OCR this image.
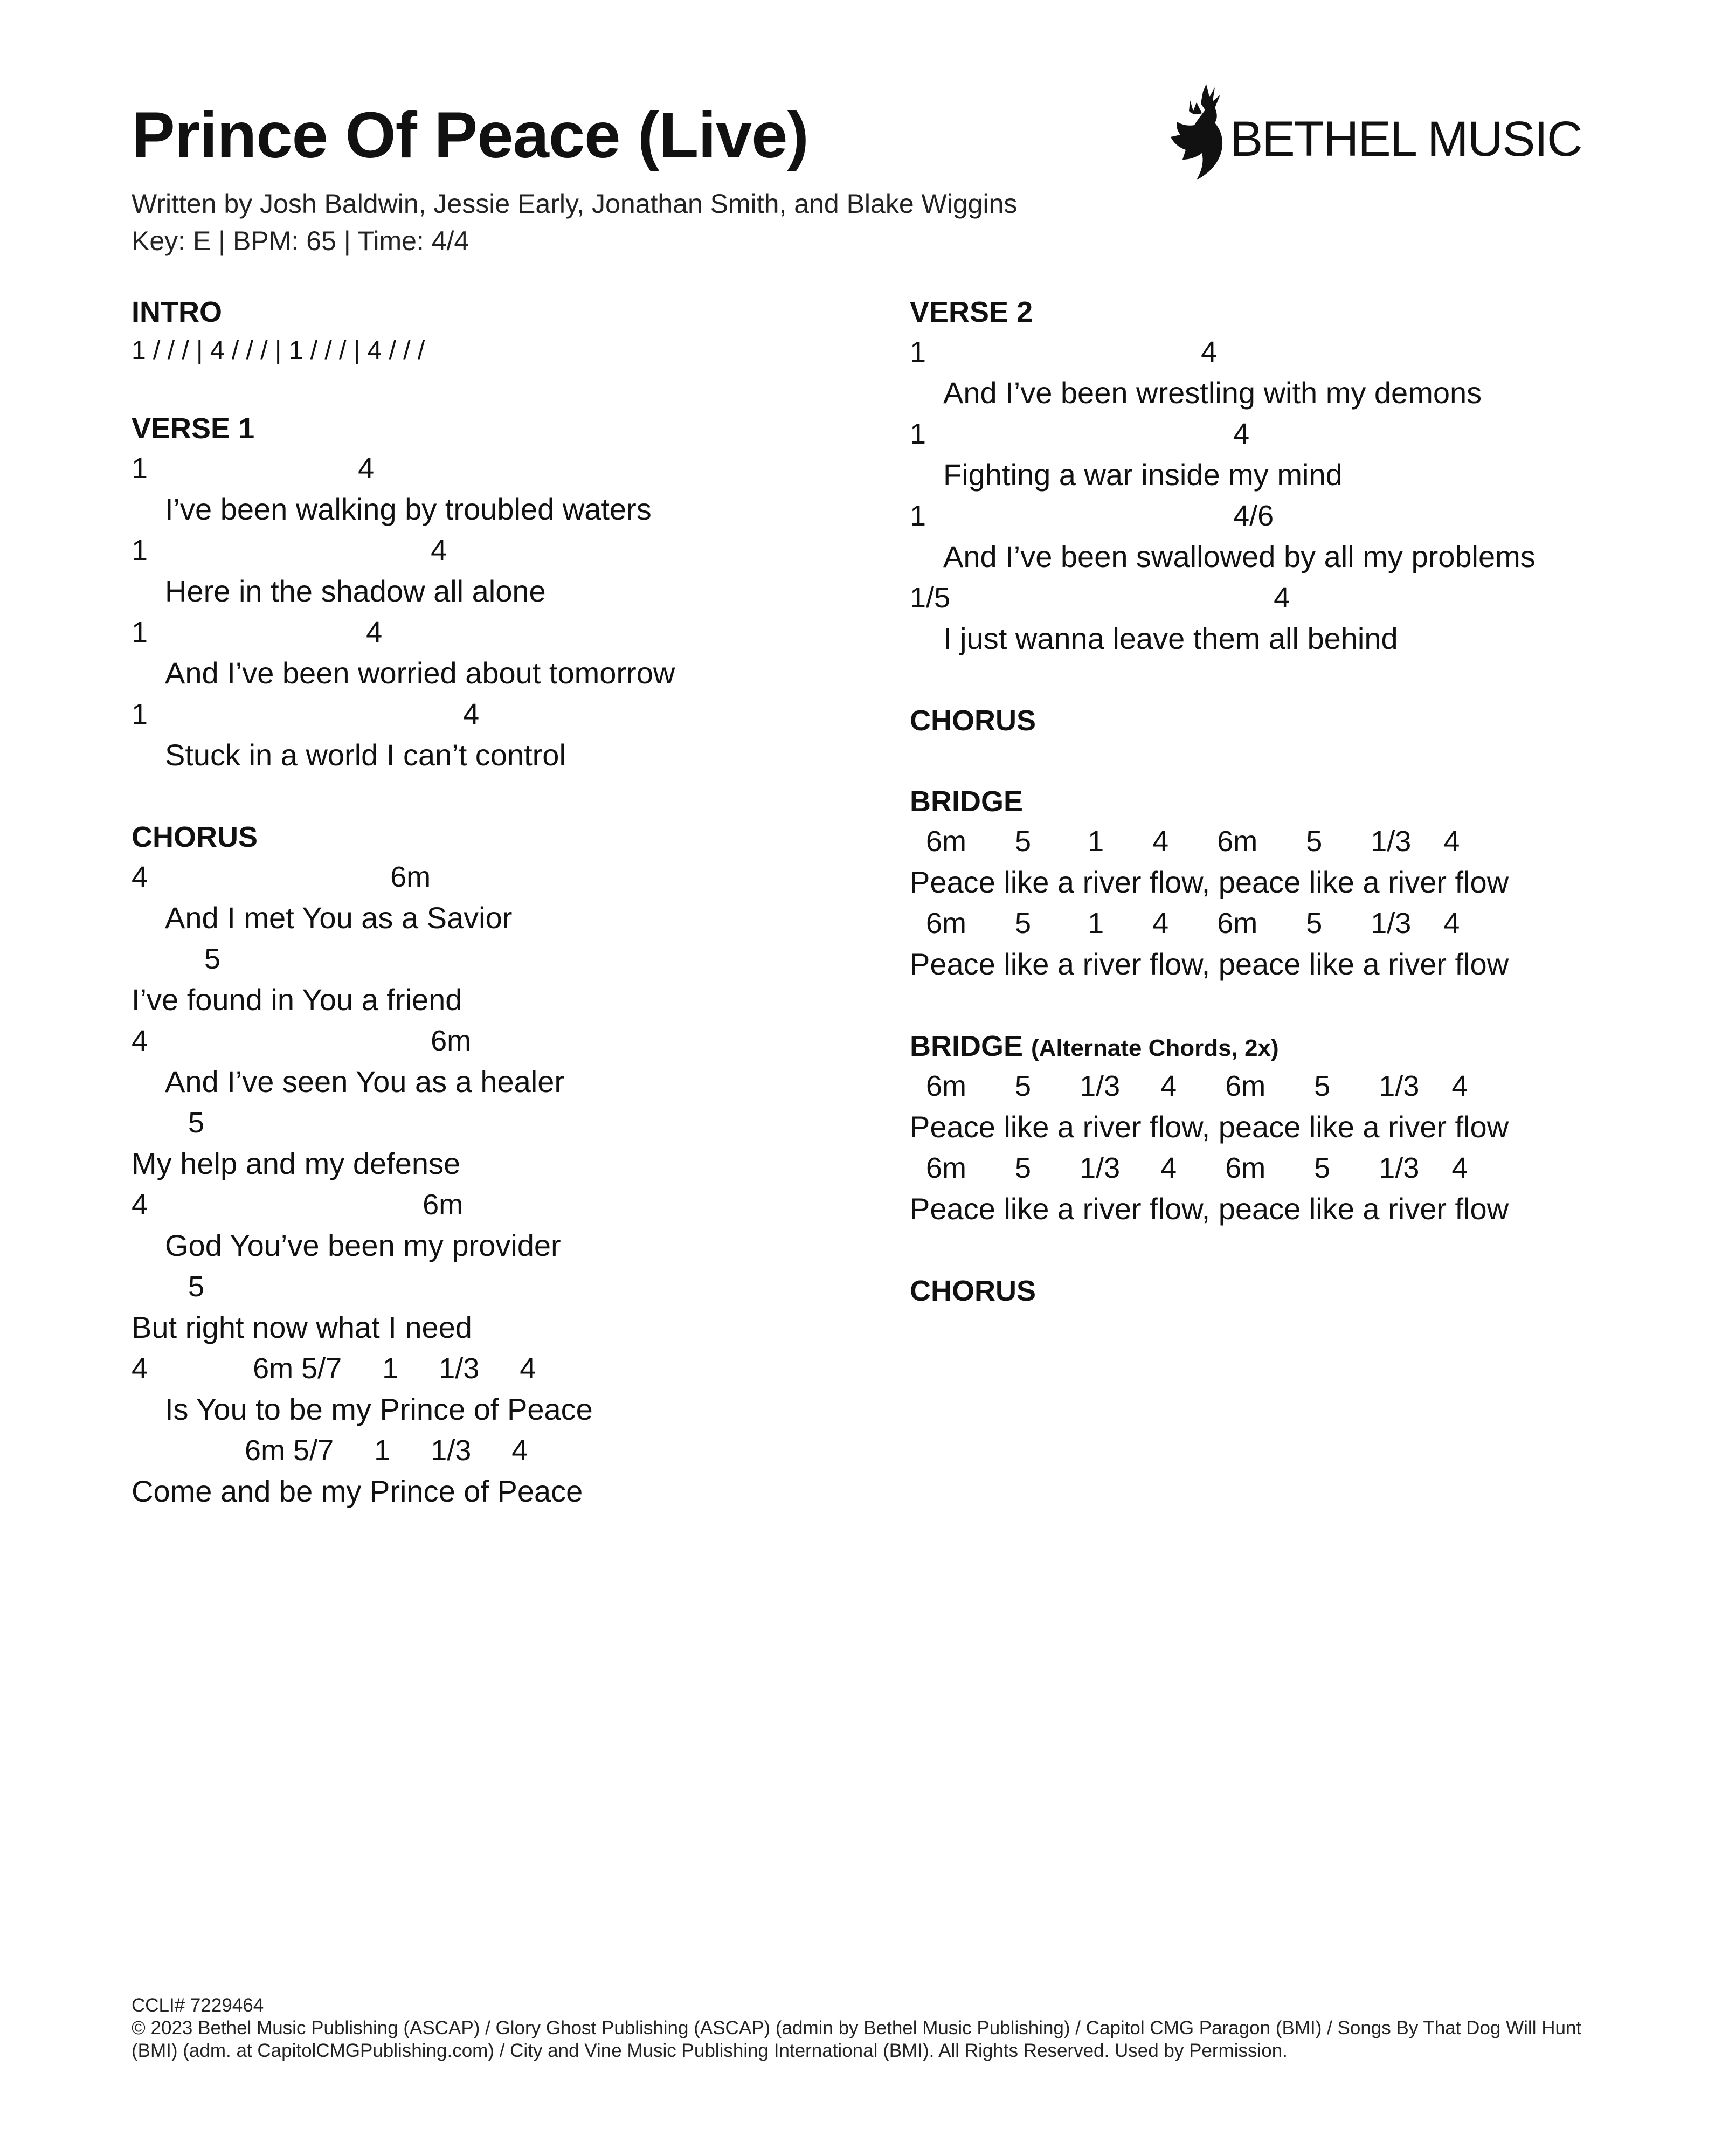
Prince Of Peace (Live)
Written by Josh Baldwin, Jessie Early, Jonathan Smith, and Blake Wiggins
Key: E | BPM: 65 | Time: 4/4
BETHEL MUSIC
INTRO
1 / / / | 4 / / / | 1 / / / | 4 / / /
VERSE 1
1                          4
I’ve been walking by troubled waters
1                                   4
Here in the shadow all alone
1                           4
And I’ve been worried about tomorrow
1                                       4
Stuck in a world I can’t control
CHORUS
4                              6m
And I met You as a Savior
5
I’ve found in You a friend
4                                   6m
And I’ve seen You as a healer
5
My help and my defense
4                                  6m
God You’ve been my provider
5
But right now what I need
4             6m 5/7     1     1/3     4
Is You to be my Prince of Peace
6m 5/7     1     1/3     4
Come and be my Prince of Peace
VERSE 2
1                                  4
And I’ve been wrestling with my demons
1                                      4
Fighting a war inside my mind
1                                      4/6
And I’ve been swallowed by all my problems
1/5                                        4
I just wanna leave them all behind
CHORUS
BRIDGE
6m      5       1      4      6m      5      1/3    4
Peace like a river flow, peace like a river flow
6m      5       1      4      6m      5      1/3    4
Peace like a river flow, peace like a river flow
BRIDGE (Alternate Chords, 2x)
6m      5      1/3     4      6m      5      1/3    4
Peace like a river flow, peace like a river flow
6m      5      1/3     4      6m      5      1/3    4
Peace like a river flow, peace like a river flow
CHORUS
CCLI# 7229464
© 2023 Bethel Music Publishing (ASCAP) / Glory Ghost Publishing (ASCAP) (admin by Bethel Music Publishing) / Capitol CMG Paragon (BMI) / Songs By That Dog Will Hunt (BMI) (adm. at CapitolCMGPublishing.com) / City and Vine Music Publishing International (BMI). All Rights Reserved. Used by Permission.
